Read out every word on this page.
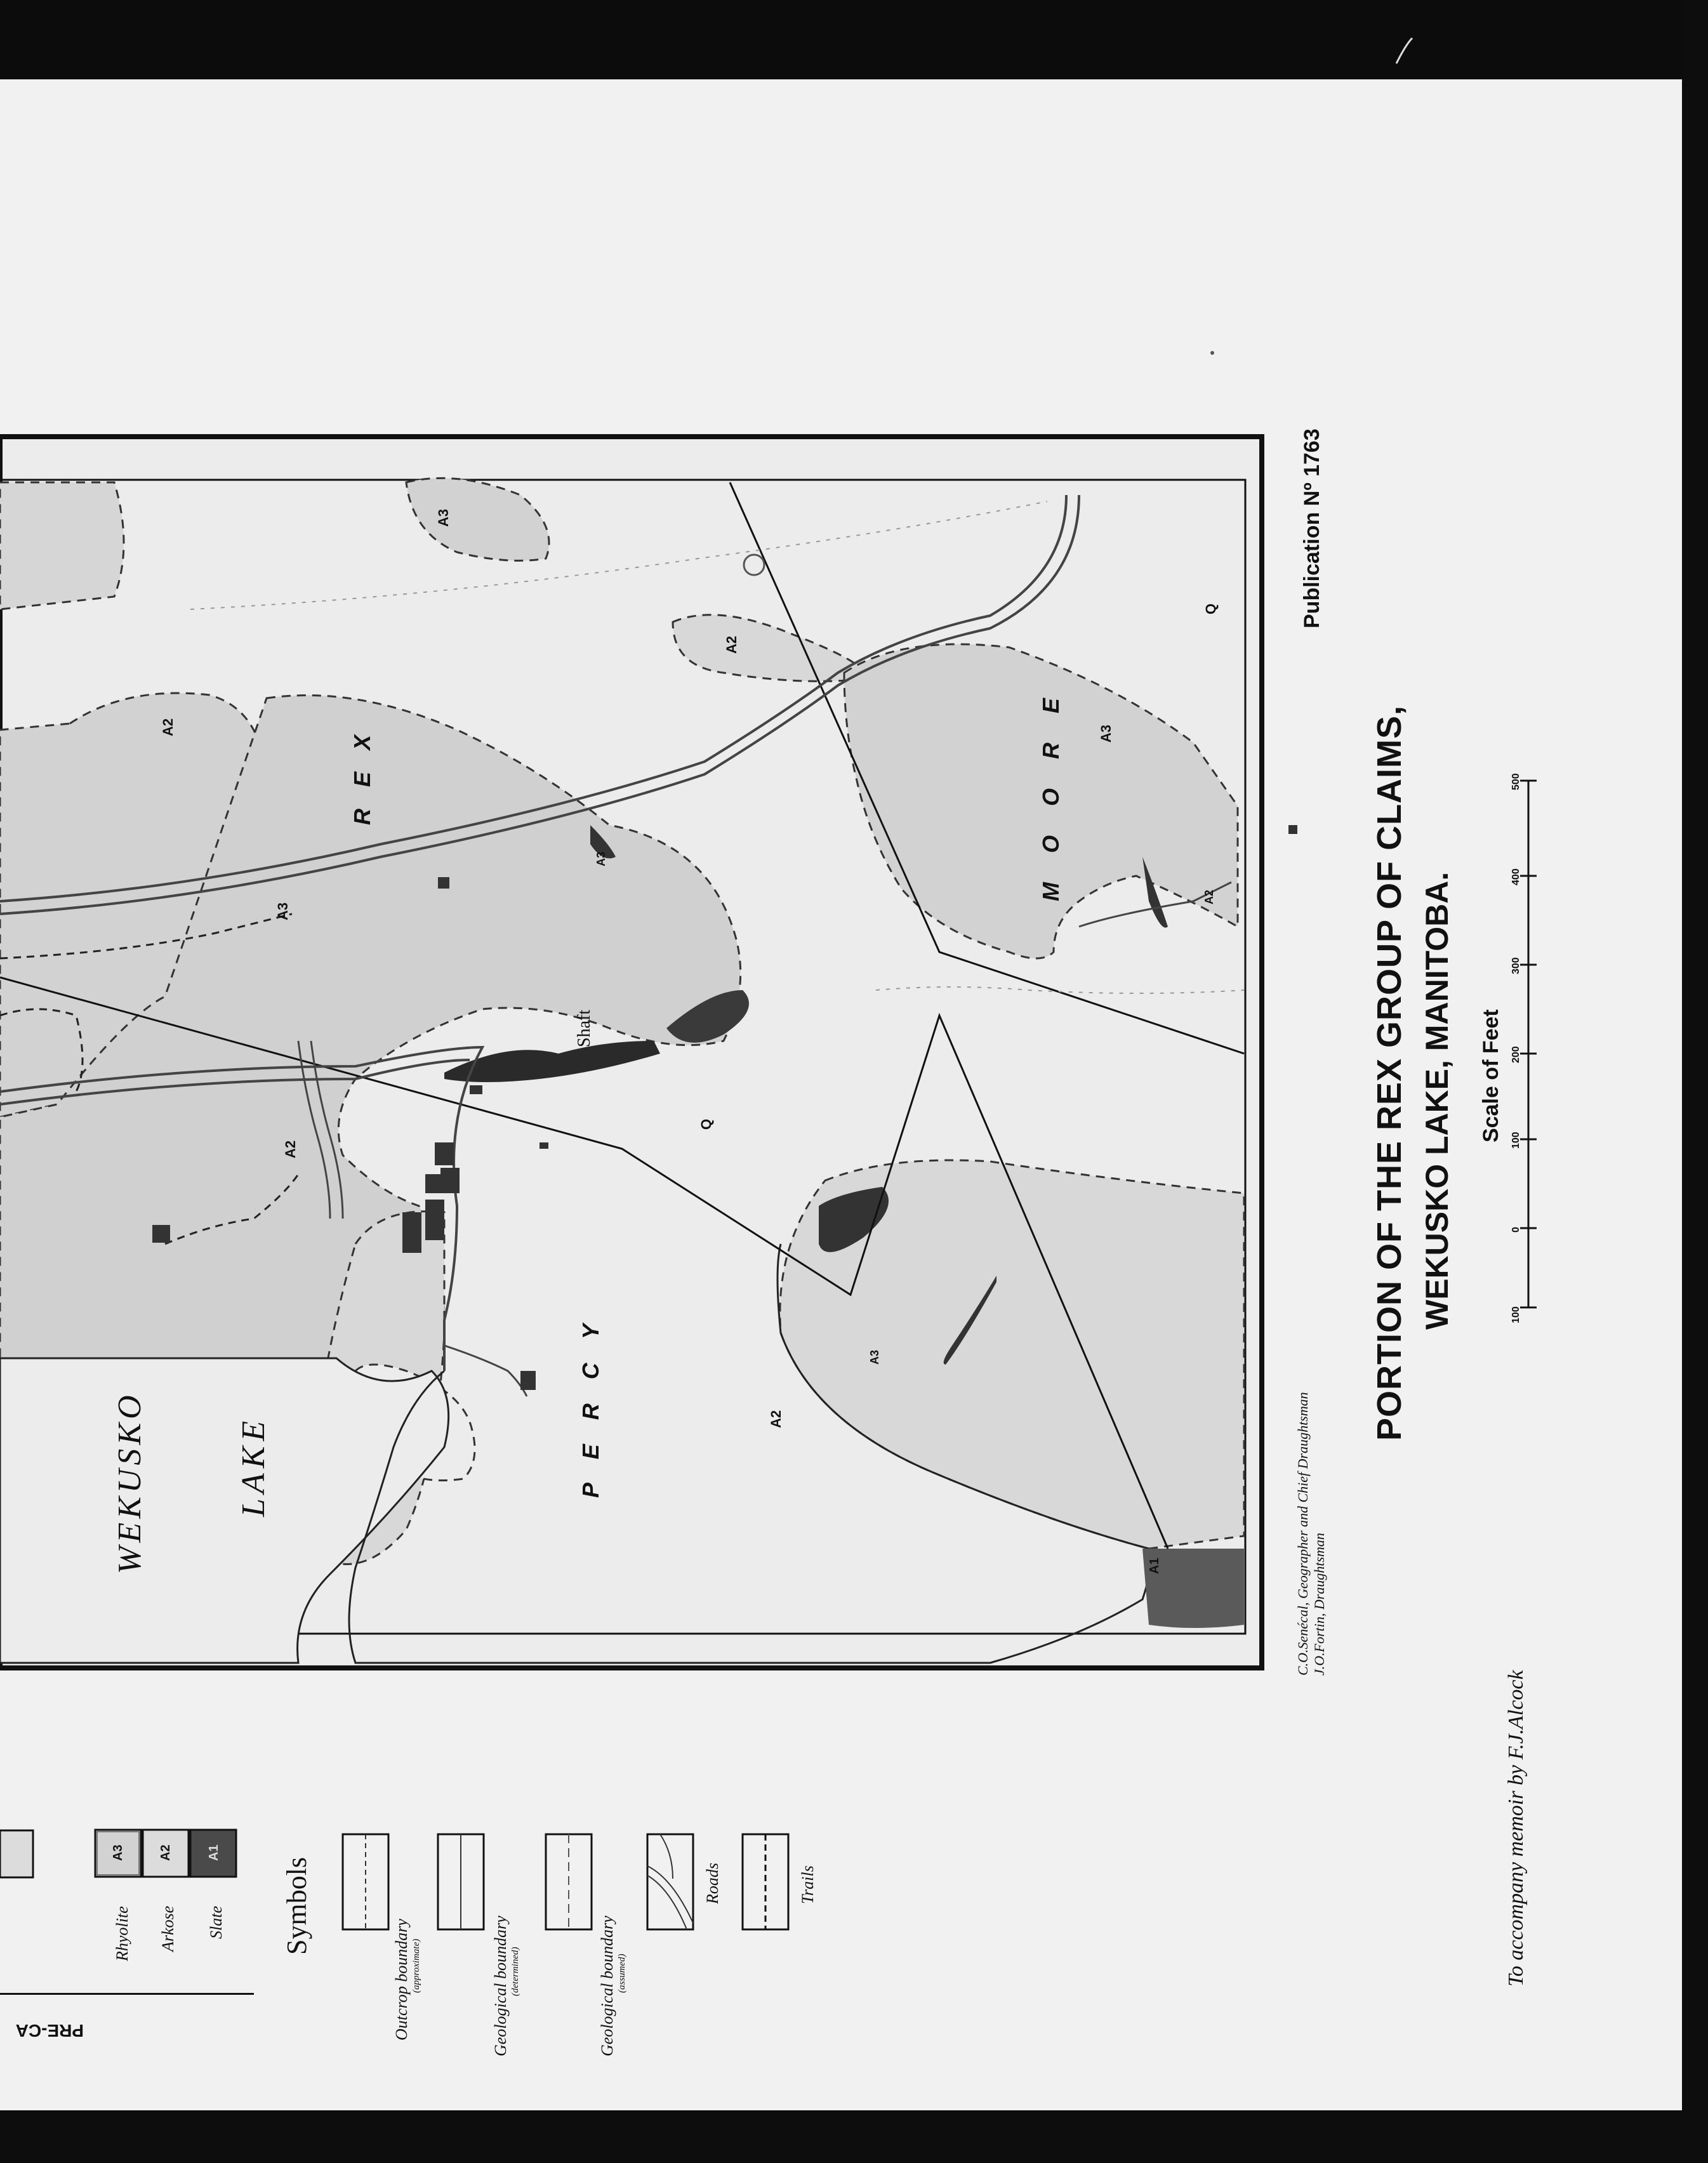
Publication Nº 1763
PORTION OF THE REX GROUP OF CLAIMS, WEKUSKO LAKE, MANITOBA.
C.O.Senécal, Geographer and Chief Draughtsman J.O.Fortin, Draughtsman
To accompany memoir by F.J.Alcock
Scale of Feet
100
0
100
200
300
400
500
WEKUSKO	LAKE	P E R C Y
M O O R E
R E X
Shaft
Q
Q
A1
A2
A2
A2
A2
A2
A3
A3
A3
A3
A3
PRE-CA
A3
Rhyolite
A2
Arkose
A1
Slate Symbols
Outcrop boundary (approximate)	Geological boundary (determined)	Geological boundary (assumed)
Roads	Trails
